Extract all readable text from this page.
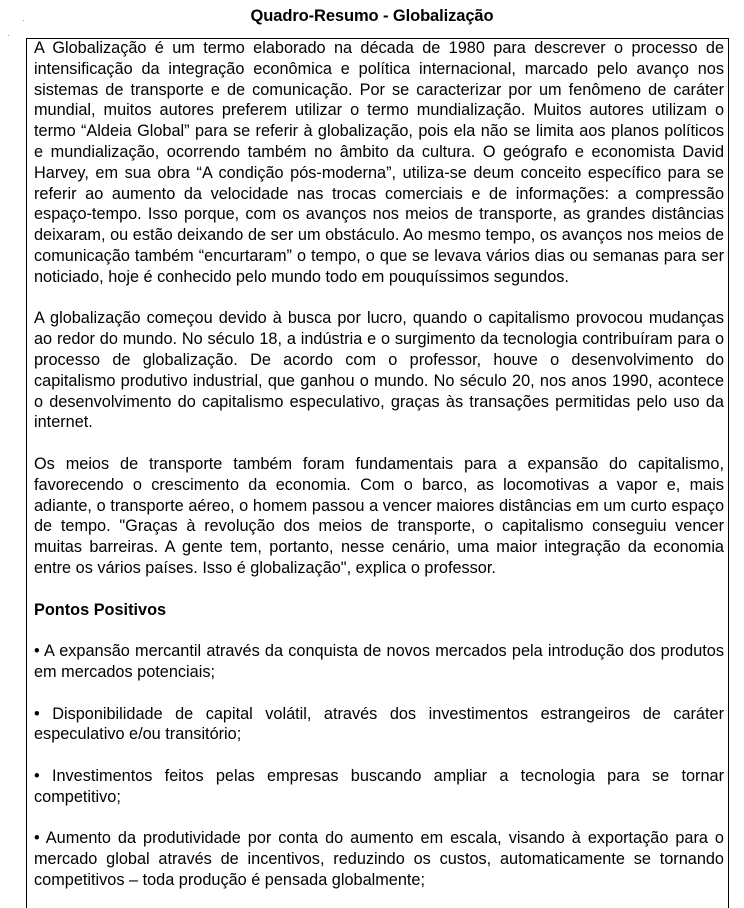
Quadro-Resumo - Globalização

A Globalização é um termo elaborado na década de 1980 para descrever o processo de intensificação da integração econômica e política internacional, marcado pelo avanço nos sistemas de transporte e de comunicação. Por se caracterizar por um fenômeno de caráter mundial, muitos autores preferem utilizar o termo mundialização. Muitos autores utilizam o termo “Aldeia Global” para se referir à globalização, pois ela não se limita aos planos políticos e mundialização, ocorrendo também no âmbito da cultura. O geógrafo e economista David Harvey, em sua obra “A condição pós-moderna”, utiliza-se deum conceito específico para se referir ao aumento da velocidade nas trocas comerciais e de informações: a compressão espaço-tempo. Isso porque, com os avanços nos meios de transporte, as grandes distâncias deixaram, ou estão deixando de ser um obstáculo. Ao mesmo tempo, os avanços nos meios de comunicação também “encurtaram” o tempo, o que se levava vários dias ou semanas para ser noticiado, hoje é conhecido pelo mundo todo em pouquíssimos segundos.

A globalização começou devido à busca por lucro, quando o capitalismo provocou mudanças ao redor do mundo. No século 18, a indústria e o surgimento da tecnologia contribuíram para o processo de globalização. De acordo com o professor, houve o desenvolvimento do capitalismo produtivo industrial, que ganhou o mundo. No século 20, nos anos 1990, acontece o desenvolvimento do capitalismo especulativo, graças às transações permitidas pelo uso da internet.

Os meios de transporte também foram fundamentais para a expansão do capitalismo, favorecendo o crescimento da economia. Com o barco, as locomotivas a vapor e, mais adiante, o transporte aéreo, o homem passou a vencer maiores distâncias em um curto espaço de tempo. "Graças à revolução dos meios de transporte, o capitalismo conseguiu vencer muitas barreiras. A gente tem, portanto, nesse cenário, uma maior integração da economia entre os vários países. Isso é globalização", explica o professor.

Pontos Positivos

• A expansão mercantil através da conquista de novos mercados pela introdução dos produtos em mercados potenciais;

• Disponibilidade de capital volátil, através dos investimentos estrangeiros de caráter especulativo e/ou transitório;

• Investimentos feitos pelas empresas buscando ampliar a tecnologia para se tornar competitivo;

• Aumento da produtividade por conta do aumento em escala, visando à exportação para o mercado global através de incentivos, reduzindo os custos, automaticamente se tornando competitivos – toda produção é pensada globalmente;
